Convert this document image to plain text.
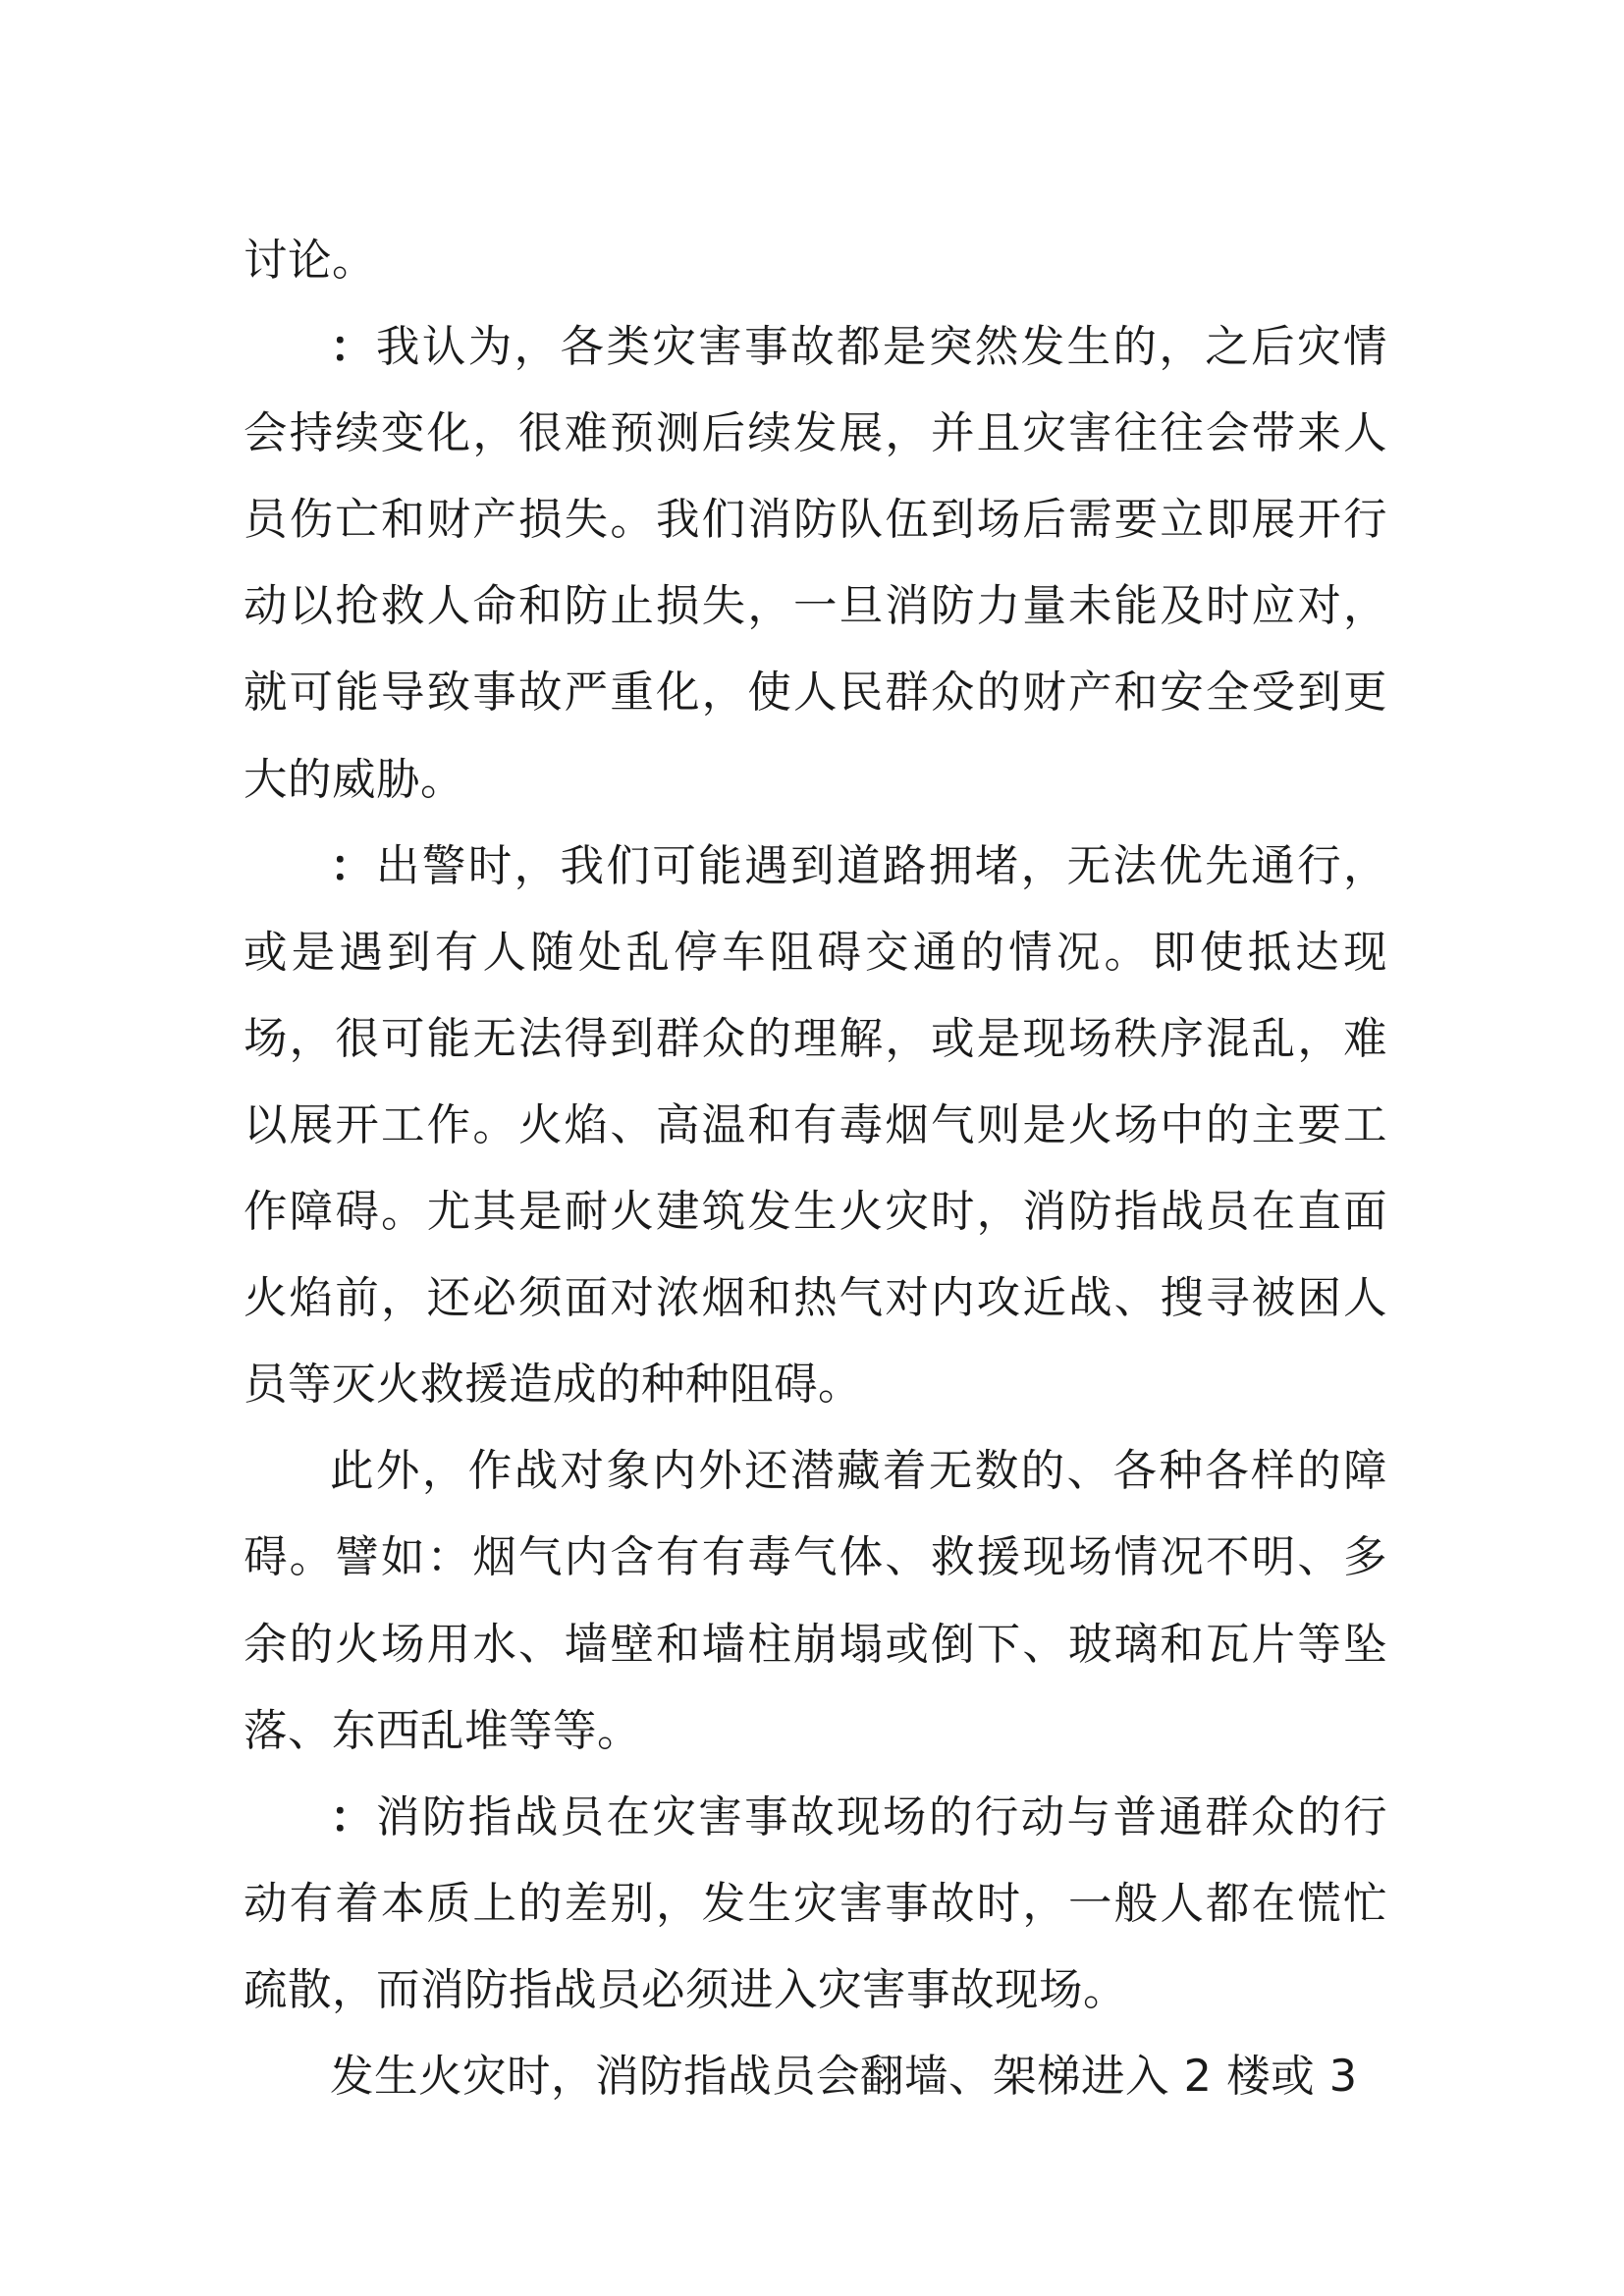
讨论。

：我认为，各类灾害事故都是突然发生的，之后灾情会持续变化，很难预测后续发展，并且灾害往往会带来人员伤亡和财产损失。我们消防队伍到场后需要立即展开行动以抢救人命和防止损失，一旦消防力量未能及时应对，就可能导致事故严重化，使人民群众的财产和安全受到更大的威胁。

：出警时，我们可能遇到道路拥堵，无法优先通行，或是遇到有人随处乱停车阻碍交通的情况。即使抵达现场，很可能无法得到群众的理解，或是现场秩序混乱，难以展开工作。火焰、高温和有毒烟气则是火场中的主要工作障碍。尤其是耐火建筑发生火灾时，消防指战员在直面火焰前，还必须面对浓烟和热气对内攻近战、搜寻被困人员等灭火救援造成的种种阻碍。

此外，作战对象内外还潜藏着无数的、各种各样的障碍。譬如：烟气内含有有毒气体、救援现场情况不明、多余的火场用水、墙壁和墙柱崩塌或倒下、玻璃和瓦片等坠落、东西乱堆等等。

：消防指战员在灾害事故现场的行动与普通群众的行动有着本质上的差别，发生灾害事故时，一般人都在慌忙疏散，而消防指战员必须进入灾害事故现场。

发生火灾时，消防指战员会翻墙、架梯进入 2 楼或 3
